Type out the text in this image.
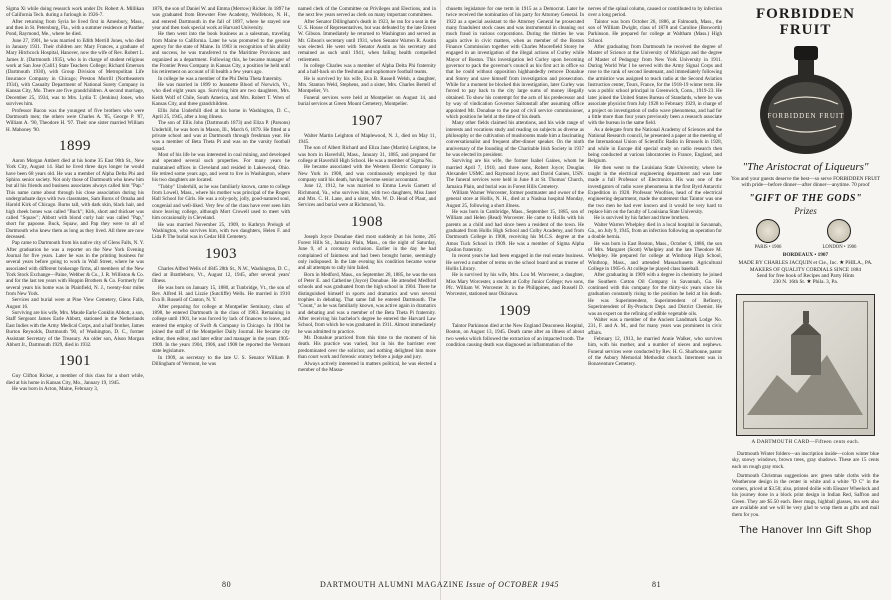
Sigma Xi while doing research work under Dr. Robert A. Millikan of California Tech. during a furlough in 1926-7.

After returning from Syria he lived first in Amesbury, Mass., and then in St. Petersburg, Fla., with a summer residence at Panther Pond, Raymond, Me., where he died.

June 27, 1901, he was married to Edith Merrill Jones, who died in January 1931. Their children are: Mary Frances, a graduate of Mary Hitchcock Hospital, Hanover, now the wife of Rev. Robert L. James Jr. (Dartmouth 1935), who is in charge of student religious work at San Jose (Calif.) State Teachers College; Richard Emerson (Dartmouth 1930), with Group Division of Metropolitan Life Insurance Company in Chicago; Preston Morrill (Northeastern 1934), with Casualty Department of National Surety Company in Kansas City, Mo. There are five grandchildren. A second marriage, December 25, 1934, was to Mrs. Lydia T. (Jenkins) Jones, who survives him.

Professor Bacon was the youngest of five brothers who were Dartmouth men; the others were Charles A. '85, George P. '87, William A. '90, Theodore H. '97. Their one sister married William H. Mahoney '90.

1899

Aaron Morgan Ambert died at his home 35 East 90th St., New York City, August 14. Had he lived three days longer he would have been 68 years old. He was a member of Alpha Delta Phi and Sphinx senior society. Not only those of Dartmouth who knew him but all his friends and business associates always called him "Pap." This name came about through his close association during his undergraduate days with two classmates, Sam Burns of Omaha and Harold Kirk of Chicago. Burns tall, with dark skin, black hair, and high cheek bones was called "Buck"; Kirk, short and thickset was called "Squaw"; Abbott with blond curly hair was called "Pap," short for papoose. Buck, Squaw, and Pap they were to all of Dartmouth who knew them as long as they lived. All three are now deceased.

Pap came to Dartmouth from his native city of Glens Falls, N. Y. After graduation he was a reporter on the New York Evening Journal for five years. Later he was in the printing business for several years before going to work in Wall Street, where he was associated with different brokerage firms, all members of the New York Stock Exchange—Paine, Webber & Co., J. R. Williston & Co. and for the last ten years with Hoppin Brothers & Co. Formerly for several years his home was in Plainfield, N. J., twenty-four miles from New York.

Services and burial were at Pine View Cemetery, Glens Falls, August 16.

Surviving are his wife, Mrs. Maude Earle Conklin Abbott, a son, Staff Sergeant James Earle Abbott, stationed in the Netherlands East Indies with the Army Medical Corps, and a half brother, James Burton Reynolds, Dartmouth '90, of Washington, D. C., former Assistant Secretary of the Treasury. An older son, Alson Morgan Abbott Jr., Dartmouth 1929, died in 1932.

1901

Guy Clifton Ricker, a member of this class for a short while, died at his home in Kansas City, Mo., January 19, 1945.

He was born in Acton, Maine, February 3,

1876, the son of Daniel W. and Emma (Merrow) Ricker. In 1897 he was graduated from Brewster Free Academy, Wolfeboro, N. H., and entered Dartmouth in the fall of 1897, where he stayed one year and then took special work at Harvard University.

He then went into the book business as a salesman, traveling from Maine to California. Later he was promoted to the general agency for the state of Maine. In 1903 in recognition of his ability and success, he was transferred to the Maritime Provinces and organized as a department. Following this, he became manager of the Frontier Press Company in Kansas City, a position he held until his retirement on account of ill health a few years ago.

In college he was a member of the Phi Delta Theta fraternity.

He was married in 1899 to Jeannette Blood of Norwich, Vt., who died eight years ago. Surviving him are two daughters, Mrs. Keith Wolf of Chile, South America, and Mrs. Robert T. Wren of Kansas City, and three grandchildren.

Ellis John Underhill died at his home in Washington, D. C., April 25, 1945, after a long illness.

The son of Ellis John (Dartmouth 1873) and Eliza P. (Parsons) Underhill, he was born in Mason, Ill., March 6, 1879. He fitted at a private school and was at Dartmouth through freshman year. He was a member of Beta Theta Pi and was on the varsity football squad.

Most of his life he was interested in coal mining, and developed and operated several such properties. For many years he maintained offices in Cleveland and resided in Lakewood, Ohio. He retired some years ago, and went to live in Washington, where his two daughters are located.

"Tubby" Underhill, as he was familiarly known, came to college from Lowell, Mass., where his mother was principal of the Rogers Hall School for Girls. He was a roly-poly, jolly, good-natured soul, congenial and well-liked. Very few of the class have ever seen him since leaving college, although Mort Crowell used to meet with him occasionally in Cleveland.

He was married November 25, 1909, to Kathryn Prelogh of Washington, who survives him, with two daughters, Helen F. and Lida P. The burial was in Cedar Hill Cemetery.

1903

Charles Alfred Wells of 4845 28th St., N.W., Washington, D. C., died at Brattleboro, Vt., August 12, 1945, after several years' illness.

He was born on January 15, 1880, at Tunbridge, Vt., the son of Rev. Alfred H. and Lizzie (Sutcliffe) Wells. He married in 1910 Eva B. Russell of Canton, N. Y.

After preparing for college at Montpelier Seminary, class of 1898, he entered Dartmouth in the class of 1903. Remaining in college until 1901, he was forced by lack of finances to leave, and entered the employ of Swift & Company in Chicago. In 1904 he joined the staff of the Montpelier Daily Journal. He became city editor, then editor, and later editor and manager in the years 1905-1909. In the years 1904, 1906, and 1908 he reported the Vermont state legislature.

In 1909, as secretary to the late U. S. Senator William P. Dillingham of Vermont, he was

named clerk of the Committee on Privileges and Elections, and in the next few years served as clerk on many important committees.

After Senator Dillingham's death in 1923, he ran for a seat in the U. S. House of Representatives, but was defeated by the late Ernest W. Gibson. Immediately he returned to Washington and served as Mr. Gibson's secretary until 1931, when Senator Warren R. Austin was elected. He went with Senator Austin as his secretary and remained as such until 1941, when failing health compelled retirement.

In college Charles was a member of Alpha Delta Phi fraternity and a half-back on the freshman and sophomore football teams.

He is survived by his wife, Eva B. Russell Welsh, a daughter, Mrs. Stanton Weld, Stephens, and a sister, Mrs. Charles Bertell of Montpelier, Vt.

Funeral services were held at Montpelier on August 14, and burial services at Green Mount Cemetery, Montpelier.

1907

Walter Martin Leighton of Maplewood, N. J., died on May 11, 1945.

The son of Albert Richard and Eliza Jane (Martin) Leighton, he was born in Haverhill, Mass., January 31, 1885, and prepared for college at Haverhill High School. He was a member of Sigma Nu.

He became associated with the Western Electric Company in New York in 1908, and was continuously employed by that company until his death, having become senior accountant.

June 12, 1912, he was married to Emma Lewis Garnett of Richmond, Va., who survives him, with two daughters, Miss Janet and Mrs. C. H. Lane, and a sister, Mrs. W. D. Head of Plaut, and Services and burial were at Richmond, Va.

1908

Joseph Joyce Donahue died most suddenly at his home, 205 Forest Hills St., Jamaica Plain, Mass., on the night of Saturday, June 9, of a coronary occlusion. Earlier in the day he had complained of faintness and had been brought home, seemingly only indisposed. In the late evening his condition became worse and all attempts to rally him failed.

Born in Medford, Mass., on September 28, 1885, he was the son of Peter E. and Catherine (Joyce) Donahue. He attended Medford schools and was graduated from the high school in 1904. There he distinguished himself in sports and dramatics and won several trophies in debating. That same fall he entered Dartmouth. The "Count," as he was familiarly known, was active again in dramatics and debating and was a member of the Beta Theta Pi fraternity. After receiving his bachelor's degree he entered the Harvard Law School, from which he was graduated in 1911. Almost immediately he was admitted to practice.

Mr. Donahue practiced from this time to the moment of his death. His practice was varied, but in his the barrister ever predominated over the solicitor, and nothing delighted him more than court work and forensic oratory before a judge and jury.

Always actively interested in matters political, he was elected a member of the Massa-

chusetts legislature for one term in 1915 as a Democrat. Later he twice received the nomination of his party for Attorney General. In 1922 as a special assistant to the Attorney General he prosecuted many fraudulent stock cases and was instrumental in cleaning out much fraud in various corporations. During the thirties he was again active in civic matters, when as member of the Boston Finance Commission together with Charles Moorefield Storey he engaged in an investigation of the illegal actions of Curley while Mayor of Boston. This investigation led Curley upon becoming governor to pack the governor's council as his first act in office so that he could without opposition highhandedly remove Donahue and Storey and save himself from investigation and prosecution. While for a moment he blocked this investigation, later Curley was forced to pay back to the city large sums of money illegally obtained. To show his contempt for the acts of his predecessor and by way of vindication Governor Saltonstall after assuming office appointed Mr. Donahue to the post of civil service commissioner, which position he held at the time of his death.

Many other fields claimed his attentions, and his wide range of interests and vocations study and reading on subjects as diverse as philosophy or the cultivation of mushrooms made him a fascinating conversationalist and frequent after-dinner speaker. On the ninth anniversary of the founding of the Charitable Irish Society in 1937 he was elected its president.

Surviving are his wife, the former Isabel Gaines, whom he married April 7, 1910, and three sons, Robert Joyce; Douglas Alexander USMC and Raymond Joyce; and David Gaines, USN. The funeral services were held in June 8 at St. Thomas' Church, Jamaica Plain, and burial was in Forest Hills Cemetery.

William Warner Worcester, former postmaster and owner of the general store at Hollis, N. H., died at a Nashua hospital Monday, August 25, following a short illness.

He was born in Cambridge, Mass., September 15, 1885, son of William and Helen (Read) Worcester. He came to Hollis with his parents as a child and had since been a resident of the town. He graduated from Hollis High School and Colby Academy, and from Dartmouth College in 1908, receiving his M.C.S. degree at the Amos Tuck School in 1909. He was a member of Sigma Alpha Epsilon fraternity.

In recent years he had been engaged in the real estate business. He served a number of terms on the school board and as trustee of Hollis Library.

He is survived by his wife, Mrs. Lou M. Worcester, a daughter, Miss Mary Worcester, a student at Colby Junior College; two sons, Pfc. William W. Worcester Jr. in the Philippines, and Russell D. Worcester, stationed near Okinawa.

1909

Taintor Parkinson died at the New England Deaconess Hospital, Boston, on August 13, 1945. Death came after an illness of about two weeks which followed the extraction of an impacted tooth. The condition causing death was diagnosed as inflammation of the

nerves of the spinal column, caused or contributed to by infection over a long period.

Taintor was born October 26, 1886, at Falmouth, Mass., the son of William Dwight, class of 1878 and Caroline (Bosworth) Parkinson. He prepared for college at Waltham (Mass.) High School.

After graduating from Dartmouth he received the degree of Master of Science at the University of Michigan and the degree of Master of Pedagogy from New York University in 1911. During World War I he served with the Army Signal Corps and rose to the rank of second lieutenant, and immediately following the armistice was assigned to teach radio at the Second Aviation Instruction center, Tours, France, for the 1918-19 winter term. He was a public school principal in Greenwich, Conn., 1919-23. He later joined the United States Bureau of Standards, where he was associate physicist from July 1928 to February 1929, in charge of a project on investigation of radio wave phenomena, and had for a little more than four years previously been a research associate with the bureau in the same field.

As a delegate from the National Academy of Sciences and the National Research council, he presented a paper at the meeting of the International Union of Scientific Radio in Brussels in 1928, and while in Europe did special study on radio research then being conducted at various laboratories in France, England, and Belgium.

He then went to the Louisiana State University, where he taught in the electrical engineering department and was later made a full Professor of Electronics. His was one of the investigators of radio wave phenomena in the first Byrd Antarctic Expedition in 1928. Professor Woofries, head of the electrical engineering department, made the statement that Taintor was one the two men he had ever known and it would be very hard to replace him on the faculty of Louisiana State University.

He is survived by his father and three brothers.

Walter Warren Whelpley died in a local hospital in Savannah, Ga., on July 9, 1945, from an infection following an operation for a double hernia.

He was born in East Boston, Mass., October 6, 1886, the son of Mrs. Margaret (Scott) Whelpley and the late Theodore M. Whelpley. He prepared for college at Winthrop High School, Winthrop, Mass., and attended Massachusetts Agricultural College in 1905-6. At college he played class baseball.

After graduating in 1909 with a degree in chemistry he joined the Southern Cotton Oil Company in Savannah, Ga. He continued with this company for the thirty-six years since his graduation constantly rising to the position he held at his death. He was Superintendent, Superintendent of Refinery, Superintendent of By-Products Dept. and District Chemist. He was an expert on the refining of edible vegetable oils.

Walter was a member of the Ancient Landmark Lodge No. 231, F. and A. M., and for many years was prominent in civic affairs.

February 12, 1913, he married Annie Walker, who survives him, with his mother, and a number of nieces and nephews. Funeral services were conducted by Rev. H. G. Sharbonne, pastor of the Asbury Memorial Methodist church. Interment was in Bonaventure Cemetery.

FORBIDDEN FRUIT
FORBIDDEN FRUIT
"The Aristocrat of Liqueurs"
You and your guests deserve the best—so serve FORBIDDEN FRUIT with pride—before dinner—after dinner—anytime. 70 proof
"GIFT OF THE GODS"
Prizes
PARIS • 1906	LONDON • 1906
BORDEAUX • 1907
MADE BY CHARLES JACQUIN et Cie., Inc. ★ PHILA., PA.
MAKERS OF QUALITY CORDIALS SINCE 1884
Send for free book of Recipes and Party Hints
230 N. 16th St. ★ Phila. 3, Pa.
A DARTMOUTH CARD—Fifteen cents each.

Dartmouth Winter folders—an inscription inside—colors winter blue sky, snowy windows, brown trees, gray shadows. These are 15 cents each on rough gray stock.

Dartmouth Christmas suggestions are: green table cloths with the Weatherone design in the center in white and a white "D C" in the corners, priced at $3.50; also, printed doilie with Eleazer Wheelock and his journey done in a block print design in Indian Red, Saffron and Green. They are $5.50 each. Beer mugs, highball glasses, tea sets also are available and we will be very glad to wrap them as gifts and mail them for you.

The Hanover Inn Gift Shop
80	DARTMOUTH ALUMNI MAGAZINE Issue of OCTOBER 1945	81
